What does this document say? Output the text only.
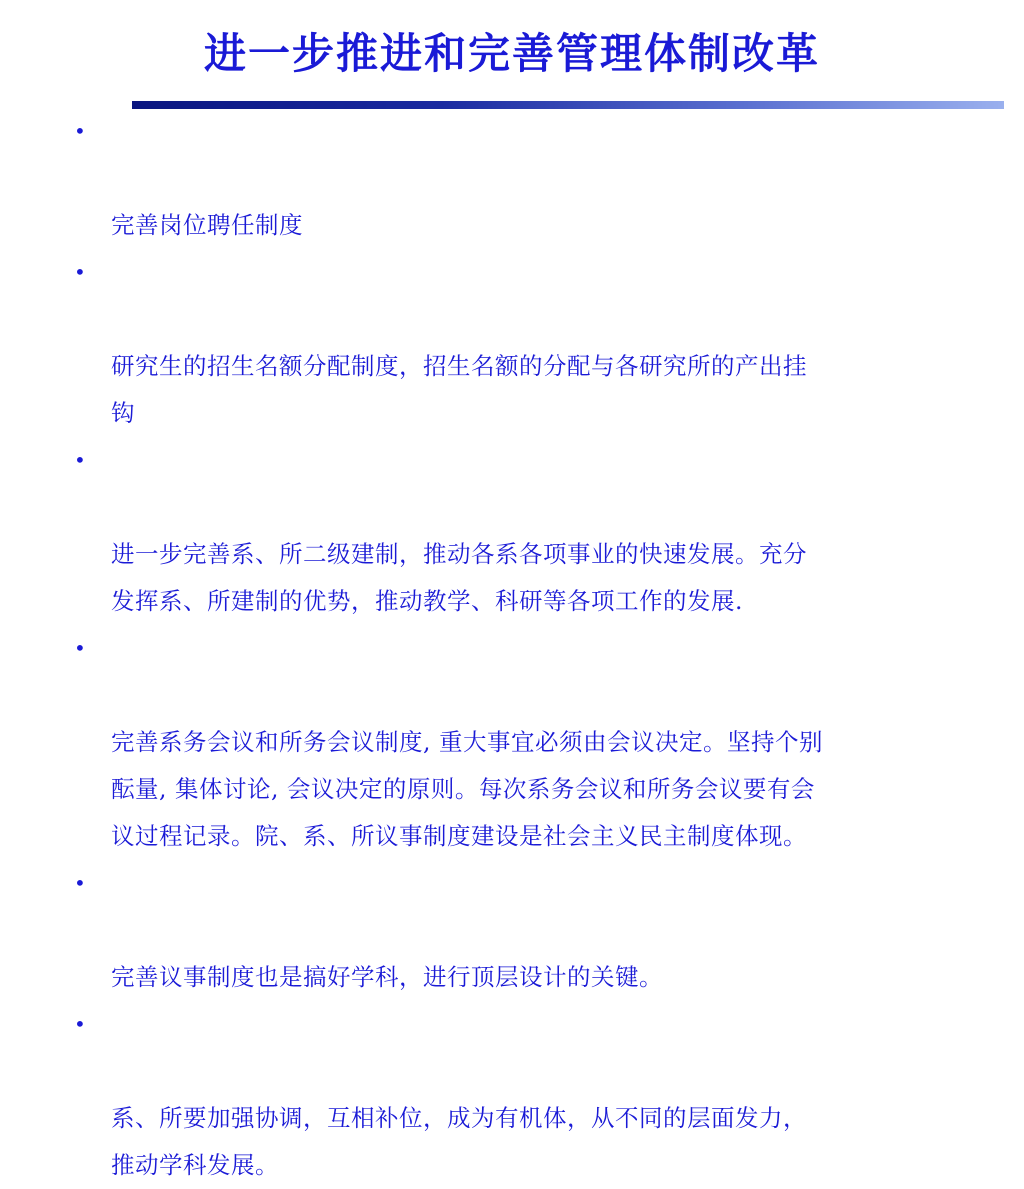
进一步推进和完善管理体制改革

•

完善岗位聘任制度

•

研究生的招生名额分配制度，招生名额的分配与各研究所的产出挂
钩

•

进一步完善系、所二级建制，推动各系各项事业的快速发展。充分
发挥系、所建制的优势，推动教学、科研等各项工作的发展.

•

完善系务会议和所务会议制度, 重大事宜必须由会议决定。坚持个别
酝量, 集体讨论, 会议决定的原则。每次系务会议和所务会议要有会
议过程记录。院、系、所议事制度建设是社会主义民主制度体现。

•

完善议事制度也是搞好学科，进行顶层设计的关键。

•

系、所要加强协调，互相补位，成为有机体，从不同的层面发力，
推动学科发展。
